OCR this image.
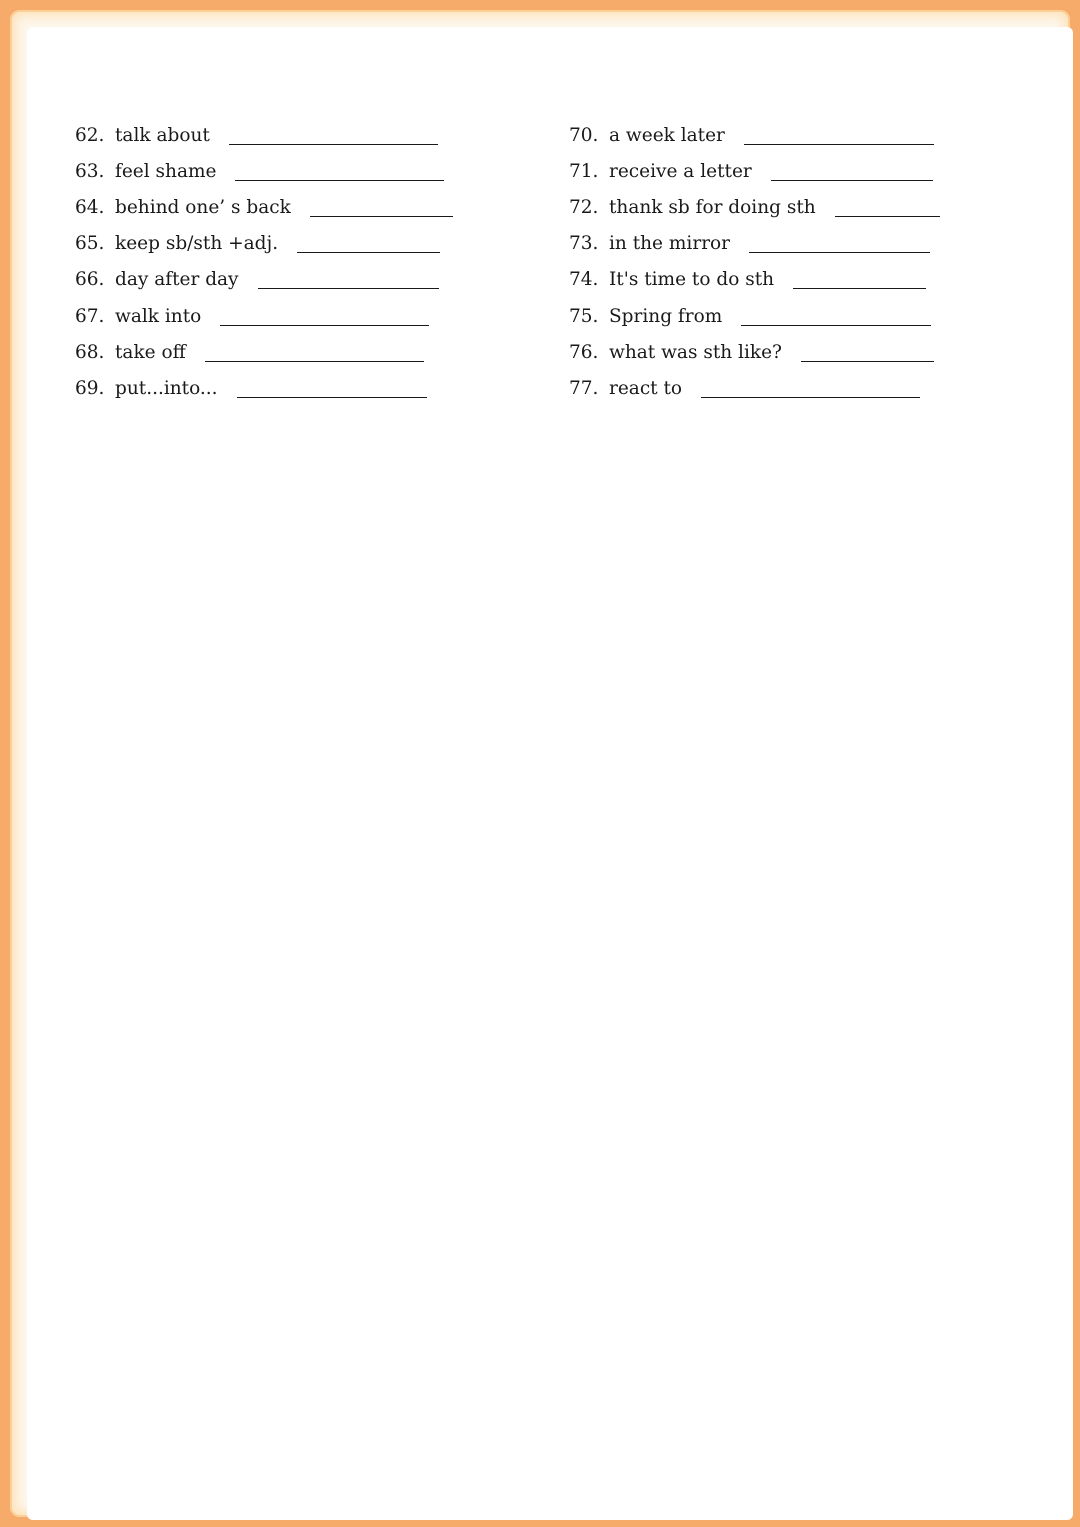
62. talk about
63. feel shame
64. behind one’ s back
65. keep sb/sth +adj.
66. day after day
67. walk into
68. take off
69. put...into...
70. a week later
71. receive a letter
72. thank sb for doing sth
73. in the mirror
74. It's time to do sth
75. Spring from
76. what was sth like?
77. react to
